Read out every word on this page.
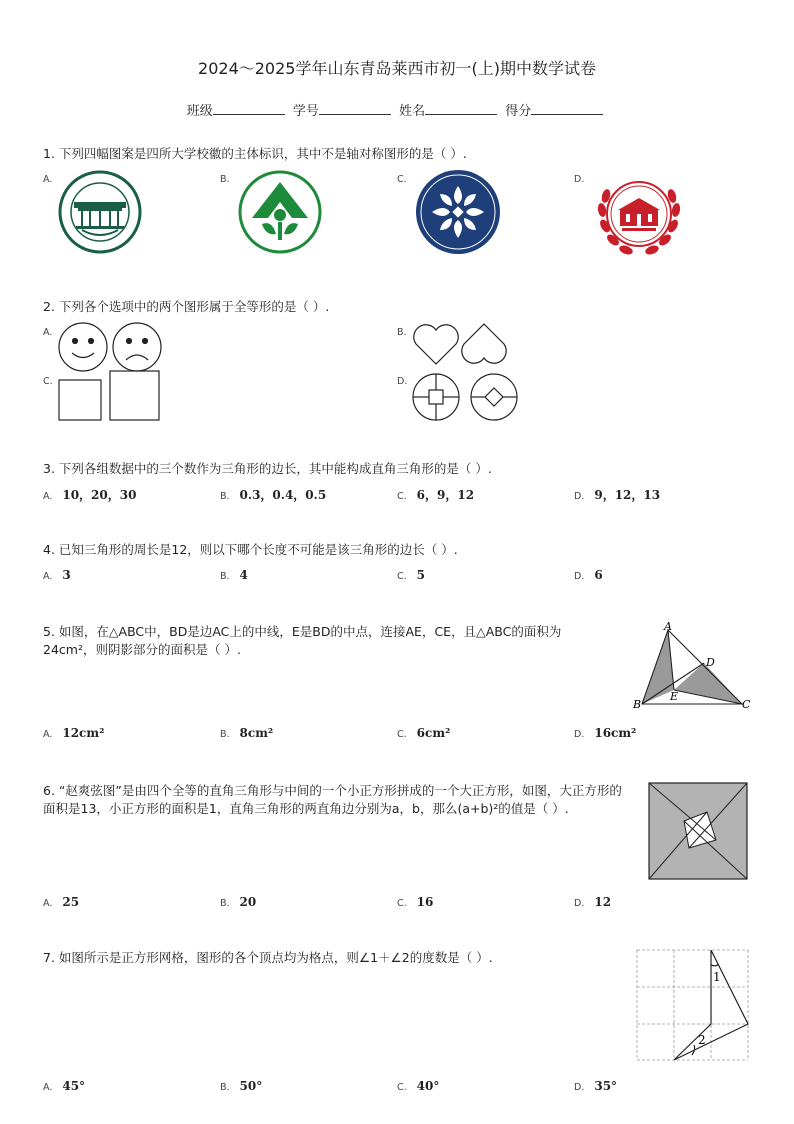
2024～2025学年山东青岛莱西市初一(上)期中数学试卷
班级	学号	姓名	得分
1. 下列四幅图案是四所大学校徽的主体标识，其中不是轴对称图形的是（ ）.
A.	B.	C.	D.
2. 下列各个选项中的两个图形属于全等形的是（ ）.
A.	B.
C.	D.
3. 下列各组数据中的三个数作为三角形的边长，其中能构成直角三角形的是（ ）.
A. 10，20，30	B. 0.3，0.4，0.5	C. 6，9，12	D. 9，12，13
4. 已知三角形的周长是12，则以下哪个长度不可能是该三角形的边长（ ）.
A. 3	B. 4	C. 5	D. 6
5. 如图，在△ABC中，BD是边AC上的中线，E是BD的中点，连接AE，CE，且△ABC的面积为
24cm²，则阴影部分的面积是（ ）.
A
B	C
D
E
A. 12cm²	B. 8cm²	C. 6cm²	D. 16cm²
6. “赵爽弦图”是由四个全等的直角三角形与中间的一个小正方形拼成的一个大正方形，如图，大正方形的
面积是13，小正方形的面积是1，直角三角形的两直角边分别为a，b，那么(a+b)²的值是（ ）.
A. 25	B. 20	C. 16	D. 12
7. 如图所示是正方形网格，图形的各个顶点均为格点，则∠1＋∠2的度数是（ ）.
1
2
A. 45°	B. 50°	C. 40°	D. 35°
